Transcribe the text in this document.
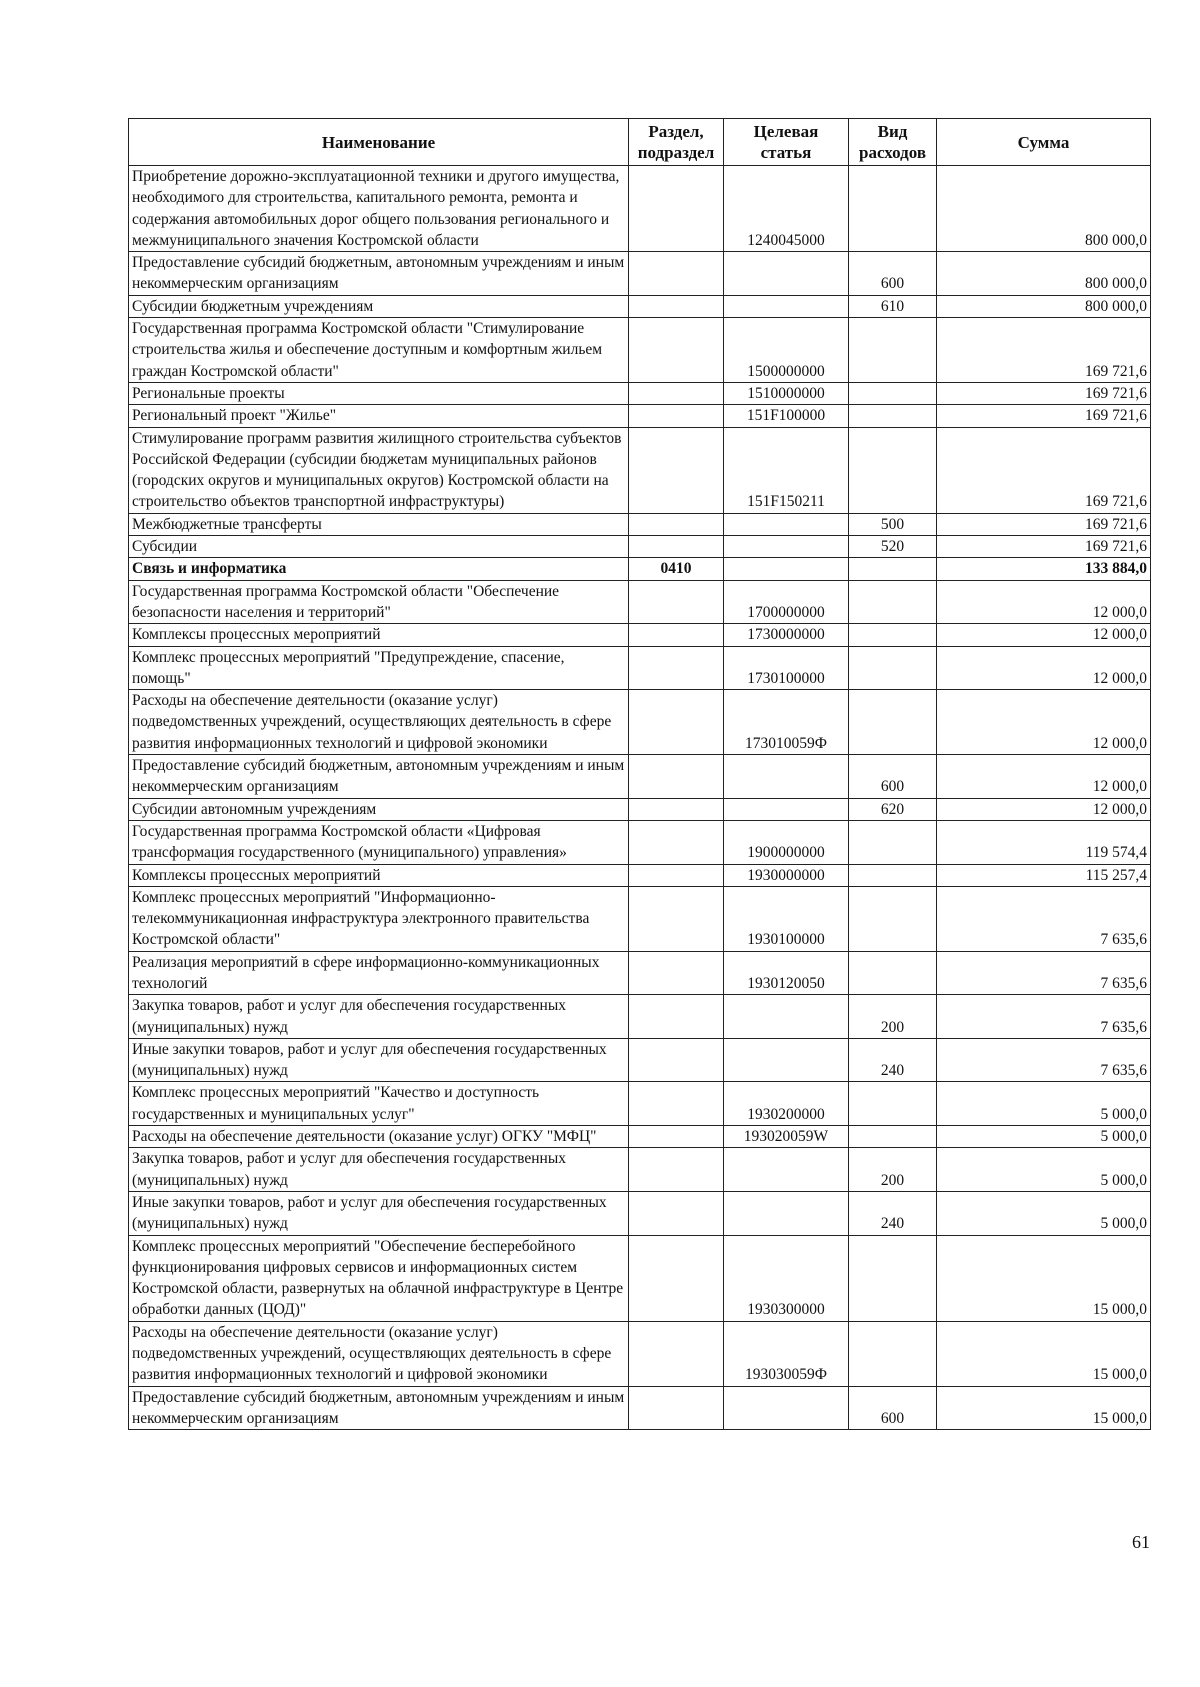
Наименование	Раздел, подраздел	Целевая статья	Вид расходов	Сумма
Приобретение дорожно-эксплуатационной техники и другого имущества, необходимого для строительства, капитального ремонта, ремонта и содержания автомобильных дорог общего пользования регионального и межмуниципального значения Костромской области		1240045000		800 000,0
Предоставление субсидий бюджетным, автономным учреждениям и иным некоммерческим организациям			600	800 000,0
Субсидии бюджетным учреждениям			610	800 000,0
Государственная программа Костромской области "Стимулирование строительства жилья и обеспечение доступным и комфортным жильем граждан Костромской области"		1500000000		169 721,6
Региональные проекты		1510000000		169 721,6
Региональный проект "Жилье"		151F100000		169 721,6
Стимулирование программ развития жилищного строительства субъектов Российской Федерации (субсидии бюджетам муниципальных районов (городских округов и муниципальных округов) Костромской области на строительство объектов транспортной инфраструктуры)		151F150211		169 721,6
Межбюджетные трансферты			500	169 721,6
Субсидии			520	169 721,6
Связь и информатика	0410			133 884,0
Государственная программа Костромской области "Обеспечение безопасности населения и территорий"		1700000000		12 000,0
Комплексы процессных мероприятий		1730000000		12 000,0
Комплекс процессных мероприятий "Предупреждение, спасение, помощь"		1730100000		12 000,0
Расходы на обеспечение деятельности (оказание услуг) подведомственных учреждений, осуществляющих деятельность в сфере развития информационных технологий и цифровой экономики		173010059Ф		12 000,0
Предоставление субсидий бюджетным, автономным учреждениям и иным некоммерческим организациям			600	12 000,0
Субсидии автономным учреждениям			620	12 000,0
Государственная программа Костромской области «Цифровая трансформация государственного (муниципального) управления»		1900000000		119 574,4
Комплексы процессных мероприятий		1930000000		115 257,4
Комплекс процессных мероприятий "Информационно-телекоммуникационная инфраструктура электронного правительства Костромской области"		1930100000		7 635,6
Реализация мероприятий в сфере информационно-коммуникационных технологий		1930120050		7 635,6
Закупка товаров, работ и услуг для обеспечения государственных (муниципальных) нужд			200	7 635,6
Иные закупки товаров, работ и услуг для обеспечения государственных (муниципальных) нужд			240	7 635,6
Комплекс процессных мероприятий "Качество и доступность государственных и муниципальных услуг"		1930200000		5 000,0
Расходы на обеспечение деятельности (оказание услуг) ОГКУ "МФЦ"		193020059W		5 000,0
Закупка товаров, работ и услуг для обеспечения государственных (муниципальных) нужд			200	5 000,0
Иные закупки товаров, работ и услуг для обеспечения государственных (муниципальных) нужд			240	5 000,0
Комплекс процессных мероприятий "Обеспечение бесперебойного функционирования цифровых сервисов и информационных систем Костромской области, развернутых на облачной инфраструктуре в Центре обработки данных (ЦОД)"		1930300000		15 000,0
Расходы на обеспечение деятельности (оказание услуг) подведомственных учреждений, осуществляющих деятельность в сфере развития информационных технологий и цифровой экономики		193030059Ф		15 000,0
Предоставление субсидий бюджетным, автономным учреждениям и иным некоммерческим организациям			600	15 000,0
61
